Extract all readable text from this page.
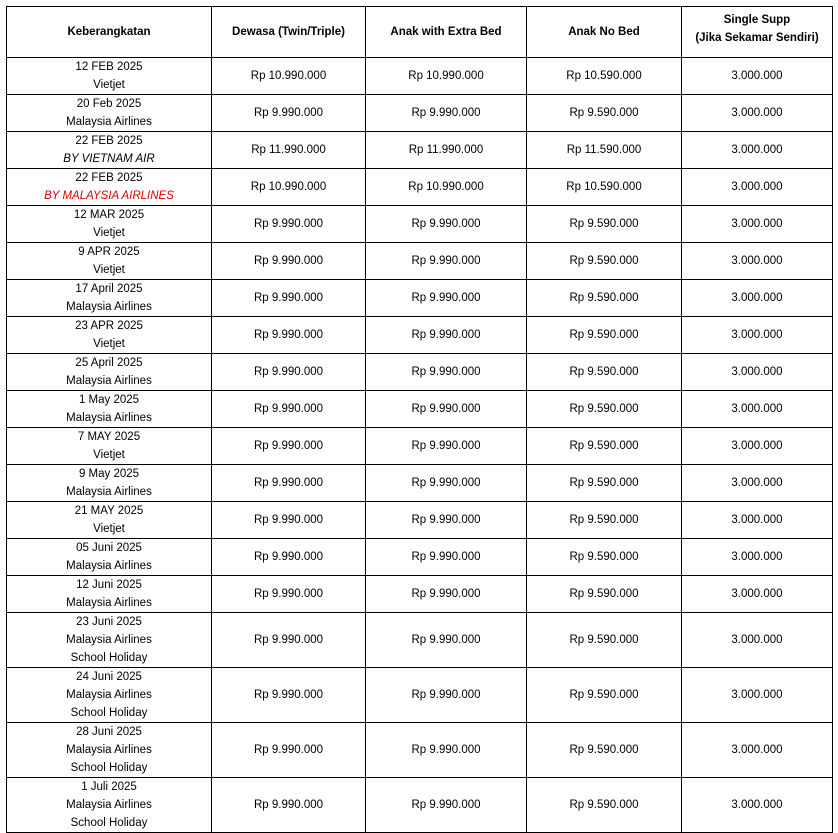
Keberangkatan	Dewasa (Twin/Triple)	Anak with Extra Bed	Anak No Bed	Single Supp
(Jika Sekamar Sendiri)

12 FEB 2025
Vietjet	Rp 10.990.000	Rp 10.990.000	Rp 10.590.000	3.000.000

20 Feb 2025
Malaysia Airlines	Rp 9.990.000	Rp 9.990.000	Rp 9.590.000	3.000.000

22 FEB 2025
BY VIETNAM AIR	Rp 11.990.000	Rp 11.990.000	Rp 11.590.000	3.000.000

22 FEB 2025
BY MALAYSIA AIRLINES	Rp 10.990.000	Rp 10.990.000	Rp 10.590.000	3.000.000

12 MAR 2025
Vietjet	Rp 9.990.000	Rp 9.990.000	Rp 9.590.000	3.000.000

9 APR 2025
Vietjet	Rp 9.990.000	Rp 9.990.000	Rp 9.590.000	3.000.000

17 April 2025
Malaysia Airlines	Rp 9.990.000	Rp 9.990.000	Rp 9.590.000	3.000.000

23 APR 2025
Vietjet	Rp 9.990.000	Rp 9.990.000	Rp 9.590.000	3.000.000

25 April 2025
Malaysia Airlines	Rp 9.990.000	Rp 9.990.000	Rp 9.590.000	3.000.000

1 May 2025
Malaysia Airlines	Rp 9.990.000	Rp 9.990.000	Rp 9.590.000	3.000.000

7 MAY 2025
Vietjet	Rp 9.990.000	Rp 9.990.000	Rp 9.590.000	3.000.000

9 May 2025
Malaysia Airlines	Rp 9.990.000	Rp 9.990.000	Rp 9.590.000	3.000.000

21 MAY 2025
Vietjet	Rp 9.990.000	Rp 9.990.000	Rp 9.590.000	3.000.000

05 Juni 2025
Malaysia Airlines	Rp 9.990.000	Rp 9.990.000	Rp 9.590.000	3.000.000

12 Juni 2025
Malaysia Airlines	Rp 9.990.000	Rp 9.990.000	Rp 9.590.000	3.000.000

23 Juni 2025
Malaysia Airlines
School Holiday	Rp 9.990.000	Rp 9.990.000	Rp 9.590.000	3.000.000

24 Juni 2025
Malaysia Airlines
School Holiday	Rp 9.990.000	Rp 9.990.000	Rp 9.590.000	3.000.000

28 Juni 2025
Malaysia Airlines
School Holiday	Rp 9.990.000	Rp 9.990.000	Rp 9.590.000	3.000.000

1 Juli 2025
Malaysia Airlines
School Holiday	Rp 9.990.000	Rp 9.990.000	Rp 9.590.000	3.000.000
